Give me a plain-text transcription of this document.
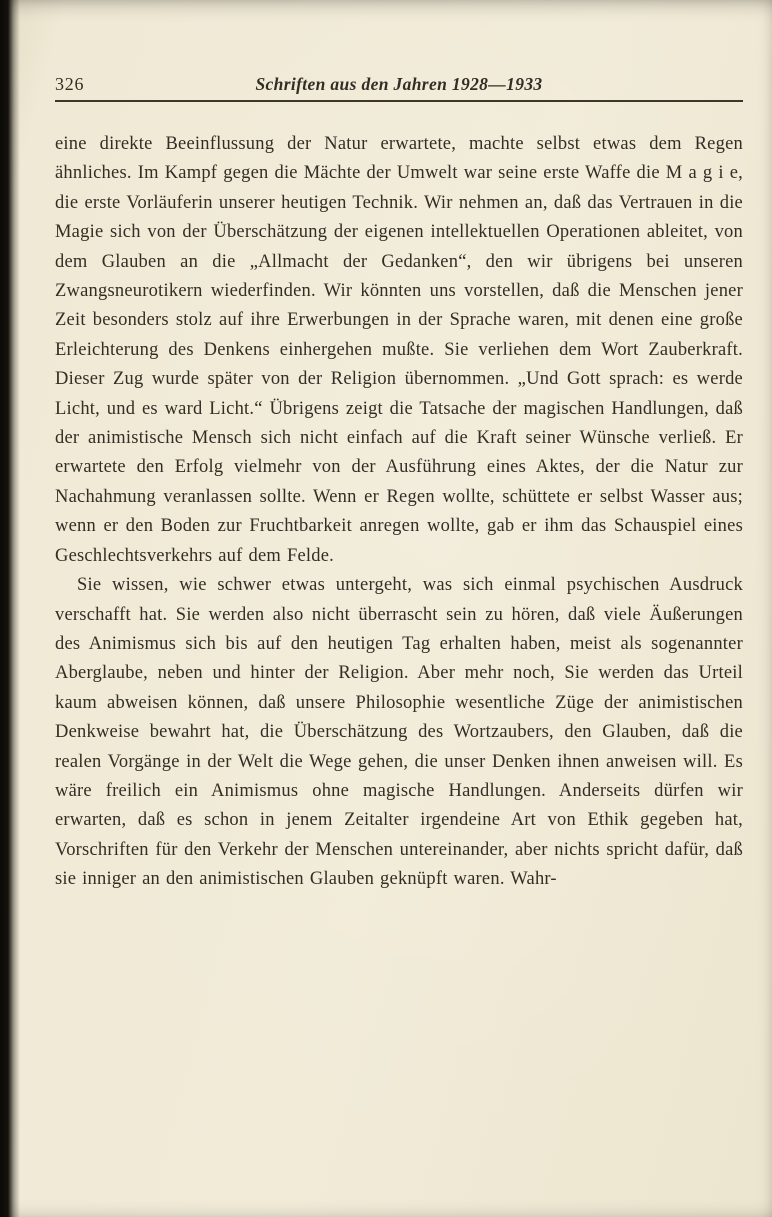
326	Schriften aus den Jahren 1928—1933

eine direkte Beeinflussung der Natur erwartete, machte selbst etwas dem Regen ähnliches. Im Kampf gegen die Mächte der Umwelt war seine erste Waffe die M a g i e, die erste Vorläuferin unserer heutigen Technik. Wir nehmen an, daß das Vertrauen in die Magie sich von der Überschätzung der eigenen intellektuellen Operationen ableitet, von dem Glauben an die „Allmacht der Gedanken“, den wir übrigens bei unseren Zwangsneurotikern wiederfinden. Wir könnten uns vorstellen, daß die Menschen jener Zeit besonders stolz auf ihre Erwerbungen in der Sprache waren, mit denen eine große Erleichterung des Denkens einhergehen mußte. Sie verliehen dem Wort Zauberkraft. Dieser Zug wurde später von der Religion übernommen. „Und Gott sprach: es werde Licht, und es ward Licht.“ Übrigens zeigt die Tatsache der magischen Handlungen, daß der animistische Mensch sich nicht einfach auf die Kraft seiner Wünsche verließ. Er erwartete den Erfolg vielmehr von der Ausführung eines Aktes, der die Natur zur Nachahmung veranlassen sollte. Wenn er Regen wollte, schüttete er selbst Wasser aus; wenn er den Boden zur Fruchtbarkeit anregen wollte, gab er ihm das Schauspiel eines Geschlechtsverkehrs auf dem Felde.

Sie wissen, wie schwer etwas untergeht, was sich einmal psychischen Ausdruck verschafft hat. Sie werden also nicht überrascht sein zu hören, daß viele Äußerungen des Animismus sich bis auf den heutigen Tag erhalten haben, meist als sogenannter Aberglaube, neben und hinter der Religion. Aber mehr noch, Sie werden das Urteil kaum abweisen können, daß unsere Philosophie wesentliche Züge der animistischen Denkweise bewahrt hat, die Überschätzung des Wortzaubers, den Glauben, daß die realen Vorgänge in der Welt die Wege gehen, die unser Denken ihnen anweisen will. Es wäre freilich ein Animismus ohne magische Handlungen. Anderseits dürfen wir erwarten, daß es schon in jenem Zeitalter irgendeine Art von Ethik gegeben hat, Vorschriften für den Verkehr der Menschen untereinander, aber nichts spricht dafür, daß sie inniger an den animistischen Glauben geknüpft waren. Wahr-
